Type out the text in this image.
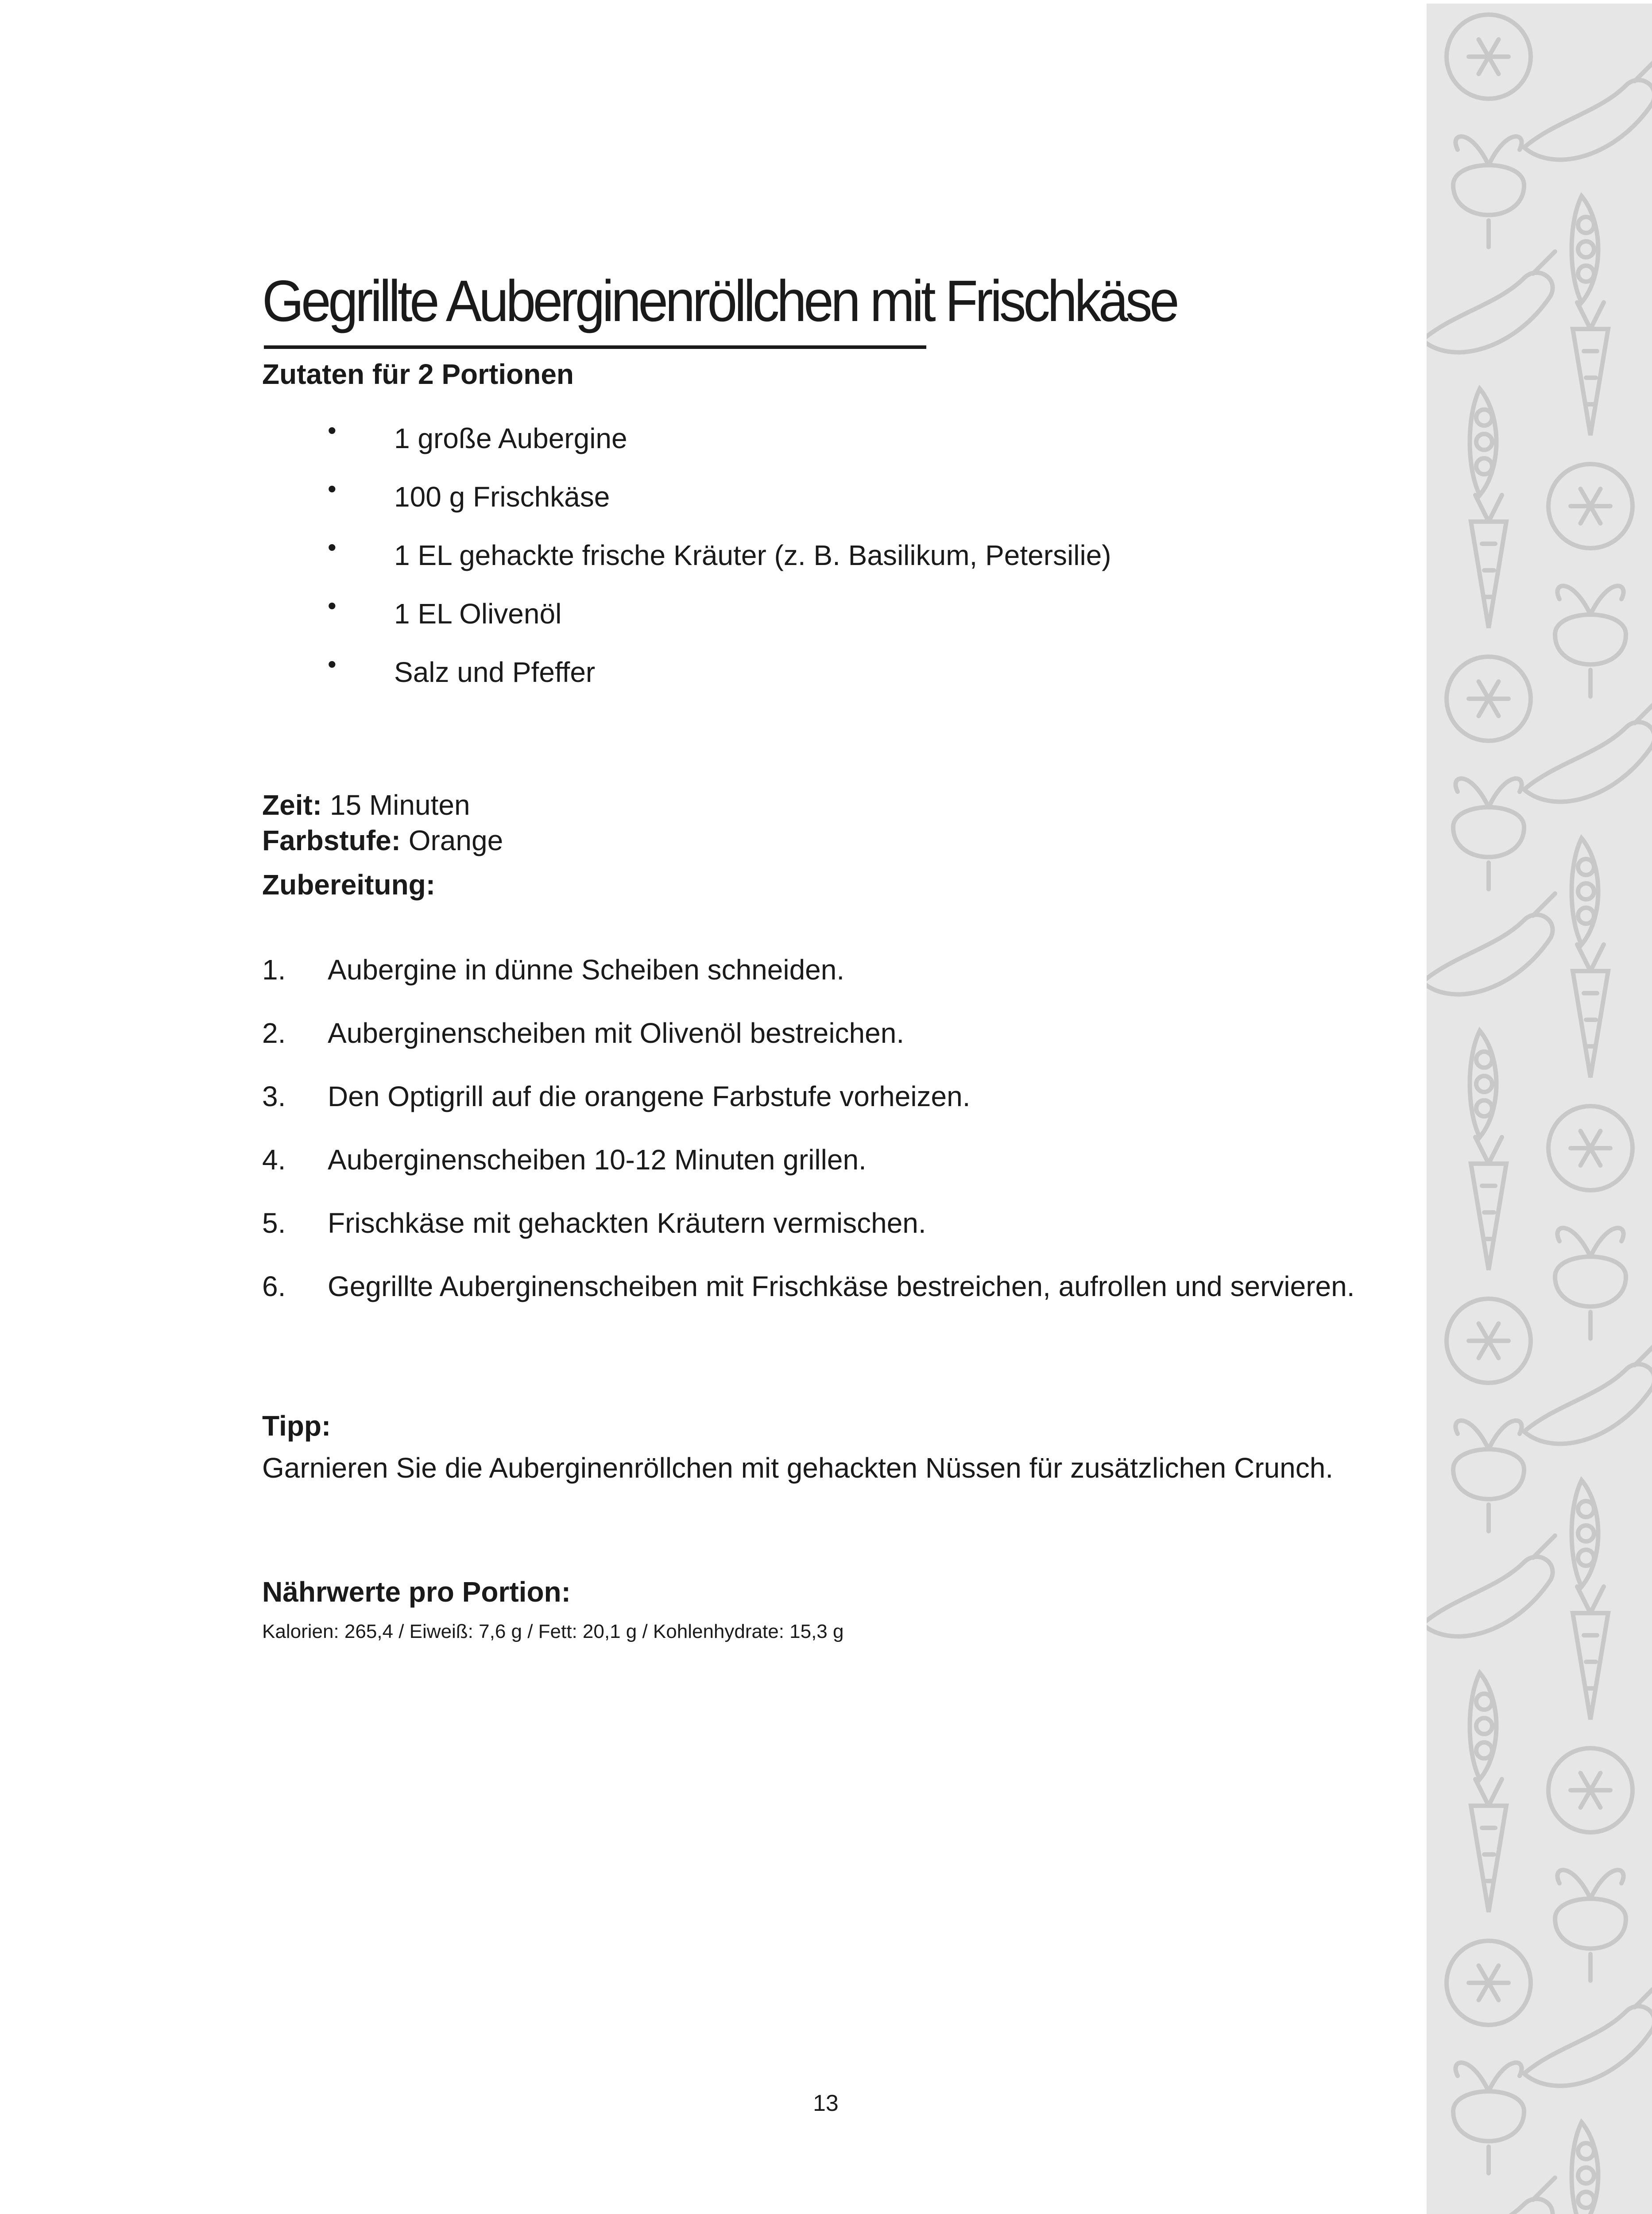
Gegrillte Auberginenröllchen mit Frischkäse
Zutaten für 2 Portionen
• 1 große Aubergine
• 100 g Frischkäse
• 1 EL gehackte frische Kräuter (z. B. Basilikum, Petersilie)
• 1 EL Olivenöl
• Salz und Pfeffer
Zeit: 15 Minuten
Farbstufe: Orange
Zubereitung:
1. Aubergine in dünne Scheiben schneiden.
2. Auberginenscheiben mit Olivenöl bestreichen.
3. Den Optigrill auf die orangene Farbstufe vorheizen.
4. Auberginenscheiben 10-12 Minuten grillen.
5. Frischkäse mit gehackten Kräutern vermischen.
6. Gegrillte Auberginenscheiben mit Frischkäse bestreichen, aufrollen und servieren.
Tipp:
Garnieren Sie die Auberginenröllchen mit gehackten Nüssen für zusätzlichen Crunch.
Nährwerte pro Portion:
Kalorien: 265,4 / Eiweiß: 7,6 g / Fett: 20,1 g / Kohlenhydrate: 15,3 g
13
